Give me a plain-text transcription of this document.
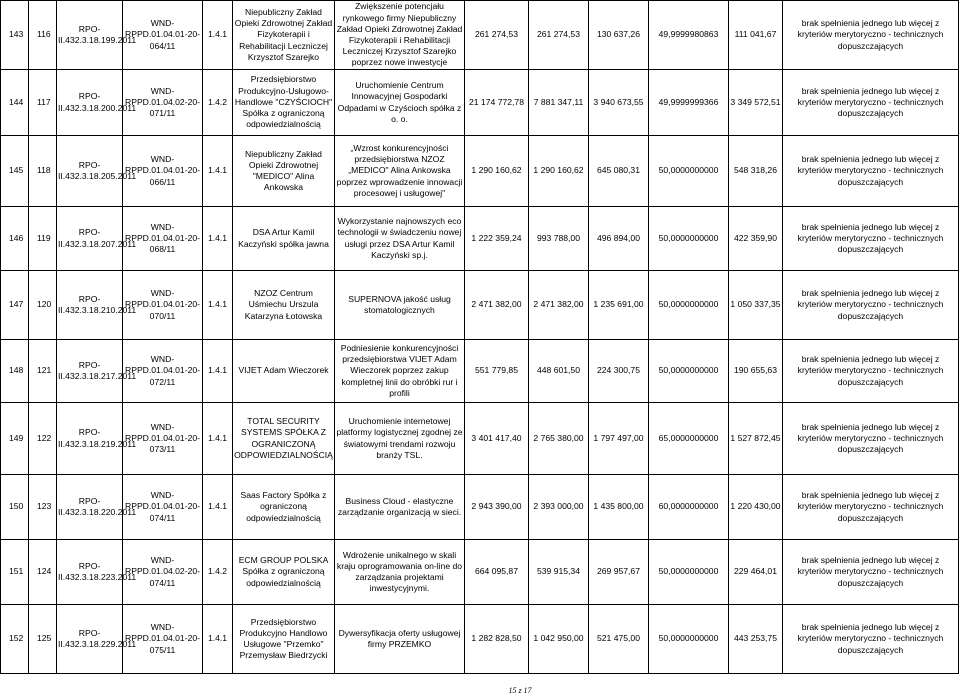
143	116	RPO-II.432.3.18.199.2011	WND-RPPD.01.04.01-20-064/11	1.4.1	Niepubliczny Zakład Opieki Zdrowotnej Zakład Fizykoterapii i Rehabilitacji Leczniczej Krzysztof Szarejko	Zwiększenie potencjału rynkowego firmy Niepubliczny Zakład Opieki Zdrowotnej Zakład Fizykoterapii i Rehabilitacji Leczniczej Krzysztof Szarejko poprzez nowe inwestycje	261 274,53	261 274,53	130 637,26	49,9999980863	111 041,67	brak spełnienia jednego lub więcej z kryteriów merytoryczno - technicznych dopuszczających
144	117	RPO-II.432.3.18.200.2011	WND-RPPD.01.04.02-20-071/11	1.4.2	Przedsiębiorstwo Produkcyjno-Usługowo-Handlowe "CZYŚCIOCH" Spółka z ograniczoną odpowiedzialnością	Uruchomienie Centrum Innowacyjnej Gospodarki Odpadami w Czyścioch spółka z o. o.	21 174 772,78	7 881 347,11	3 940 673,55	49,9999999366	3 349 572,51	brak spełnienia jednego lub więcej z kryteriów merytoryczno - technicznych dopuszczających
145	118	RPO-II.432.3.18.205.2011	WND-RPPD.01.04.01-20-066/11	1.4.1	Niepubliczny Zakład Opieki Zdrowotnej "MEDICO" Alina Ankowska	„Wzrost konkurencyjności przedsiębiorstwa NZOZ „MEDICO" Alina Ankowska poprzez wprowadzenie innowacji procesowej i usługowej"	1 290 160,62	1 290 160,62	645 080,31	50,0000000000	548 318,26	brak spełnienia jednego lub więcej z kryteriów merytoryczno - technicznych dopuszczających
146	119	RPO-II.432.3.18.207.2011	WND-RPPD.01.04.01-20-068/11	1.4.1	DSA Artur Kamil Kaczyński spółka jawna	Wykorzystanie najnowszych eco technologii w świadczeniu nowej usługi przez DSA Artur Kamil Kaczyński sp.j.	1 222 359,24	993 788,00	496 894,00	50,0000000000	422 359,90	brak spełnienia jednego lub więcej z kryteriów merytoryczno - technicznych dopuszczających
147	120	RPO-II.432.3.18.210.2011	WND-RPPD.01.04.01-20-070/11	1.4.1	NZOZ Centrum Uśmiechu Urszula Katarzyna Łotowska	SUPERNOVA jakość usług stomatologicznych	2 471 382,00	2 471 382,00	1 235 691,00	50,0000000000	1 050 337,35	brak spełnienia jednego lub więcej z kryteriów merytoryczno - technicznych dopuszczających
148	121	RPO-II.432.3.18.217.2011	WND-RPPD.01.04.01-20-072/11	1.4.1	VIJET Adam Wieczorek	Podniesienie konkurencyjności przedsiębiorstwa VIJET Adam Wieczorek poprzez zakup kompletnej linii do obróbki rur i profili	551 779,85	448 601,50	224 300,75	50,0000000000	190 655,63	brak spełnienia jednego lub więcej z kryteriów merytoryczno - technicznych dopuszczających
149	122	RPO-II.432.3.18.219.2011	WND-RPPD.01.04.01-20-073/11	1.4.1	TOTAL SECURITY SYSTEMS SPÓŁKA Z OGRANICZONĄ ODPOWIEDZIALNOŚCIĄ	Uruchomienie internetowej platformy logistycznej zgodnej ze światowymi trendami rozwoju branży TSL.	3 401 417,40	2 765 380,00	1 797 497,00	65,0000000000	1 527 872,45	brak spełnienia jednego lub więcej z kryteriów merytoryczno - technicznych dopuszczających
150	123	RPO-II.432.3.18.220.2011	WND-RPPD.01.04.01-20-074/11	1.4.1	Saas Factory Spółka z ograniczoną odpowiedzialnością	Business Cloud - elastyczne zarządzanie organizacją w sieci.	2 943 390,00	2 393 000,00	1 435 800,00	60,0000000000	1 220 430,00	brak spełnienia jednego lub więcej z kryteriów merytoryczno - technicznych dopuszczających
151	124	RPO-II.432.3.18.223.2011	WND-RPPD.01.04.02-20-074/11	1.4.2	ECM GROUP POLSKA Spółka z ograniczoną odpowiedzialnością	Wdrożenie unikalnego w skali kraju oprogramowania on-line do zarządzania projektami inwestycyjnymi.	664 095,87	539 915,34	269 957,67	50,0000000000	229 464,01	brak spełnienia jednego lub więcej z kryteriów merytoryczno - technicznych dopuszczających
152	125	RPO-II.432.3.18.229.2011	WND-RPPD.01.04.01-20-075/11	1.4.1	Przedsiębiorstwo Produkcyjno Handlowo Usługowe "Przemko" Przemysław Biedrzycki	Dywersyfikacja oferty usługowej firmy PRZEMKO	1 282 828,50	1 042 950,00	521 475,00	50,0000000000	443 253,75	brak spełnienia jednego lub więcej z kryteriów merytoryczno - technicznych dopuszczających
15 z 17
